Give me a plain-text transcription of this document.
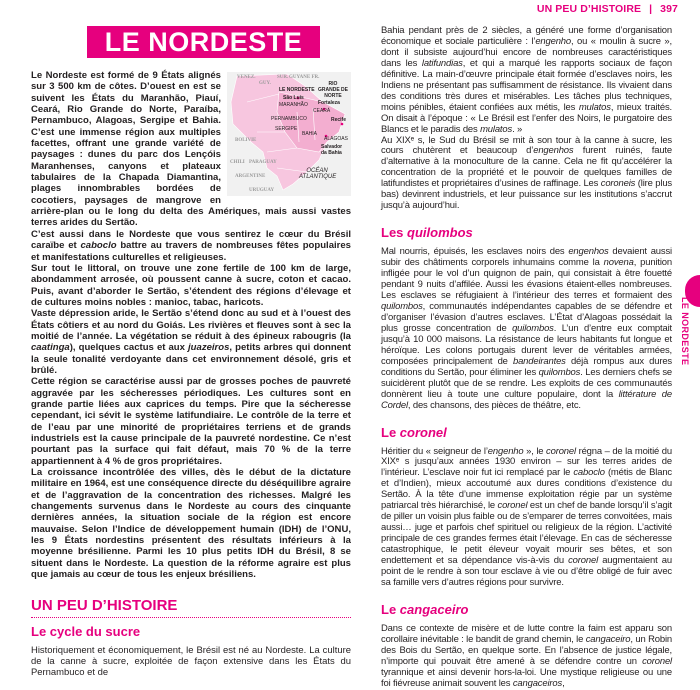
UN PEU D’HISTOIRE | 397
LE NORDESTE
VENEZ.
GUY.
SUR. GUYANE FR.
LE NORDESTE
RIO GRANDE DE NORTE
São Luís
MARANHÃO Fortaleza
CEARÁ
PERNAMBUCO	Recife
SERGIPE
BAHIA
ALAGOAS
Salvador da Bahia
BOLIVIE
CHILI PARAGUAY
ARGENTINE
URUGUAY
OCÉAN ATLANTIQUE

Le Nordeste est formé de 9 États alignés sur 3 500 km de côtes. D’ouest en est se suivent les États du Maranhão, Piauí, Ceará, Rio Grande do Norte, Paraíba, Pernambuco, Alagoas, Sergipe et Bahia. C’est une immense région aux multiples facettes, offrant une grande variété de paysages : dunes du parc dos Lençóis Maranhenses, canyons et plateaux tabulaires de la Chapada Diamantina, plages innombrables bordées de cocotiers, paysages de mangrove en arrière-plan ou le long du delta des Amériques, mais aussi vastes terres arides du Sertão.

C’est aussi dans le Nordeste que vous sentirez le cœur du Brésil caraïbe et caboclo battre au travers de nombreuses fêtes populaires et manifestations culturelles et religieuses.

Sur tout le littoral, on trouve une zone fertile de 100 km de large, abondamment arrosée, où poussent canne à sucre, coton et cacao. Puis, avant d’aborder le Sertão, s’étendent des régions d’élevage et de cultures moins nobles : manioc, tabac, haricots.

Vaste dépression aride, le Sertão s’étend donc au sud et à l’ouest des États côtiers et au nord du Goiás. Les rivières et fleuves sont à sec la moitié de l’année. La végétation se réduit à des épineux rabougris (la caatinga), quelques cactus et aux juazeiros, petits arbres qui donnent la seule tonalité verdoyante dans cet environnement désolé, gris et brûlé.

Cette région se caractérise aussi par de grosses poches de pauvreté aggravée par les sécheresses périodiques. Les cultures sont en grande partie liées aux caprices du temps. Pire que la sécheresse cependant, ici sévit le système latifundiaire. Le contrôle de la terre et de l’eau par une minorité de propriétaires terriens et de grands industriels est la cause principale de la pauvreté nordestine. Ce n’est pourtant pas la surface qui fait défaut, mais 70 % de la terre appartiennent à 4 % de gros propriétaires.

La croissance incontrôlée des villes, dès le début de la dictature militaire en 1964, est une conséquence directe du déséquilibre agraire et de l’aggravation de la concentration des richesses. Malgré les changements survenus dans le Nordeste au cours des cinquante dernières années, la situation sociale de la région est encore mauvaise. Selon l’Indice de développement humain (IDH) de l’ONU, les 9 États nordestins présentent des résultats inférieurs à la moyenne brésilienne. Parmi les 10 plus petits IDH du Brésil, 8 se situent dans le Nordeste. La question de la réforme agraire est plus que jamais au cœur de tous les enjeux brésiliens.

UN PEU D’HISTOIRE
Le cycle du sucre

Historiquement et économiquement, le Brésil est né au Nordeste. La culture de la canne à sucre, exploitée de façon extensive dans les États du Pernambuco et de

Bahia pendant près de 2 siècles, a généré une forme d’organisation économique et sociale particulière : l’engenho, ou « moulin à sucre », dont il subsiste aujourd’hui encore de nombreuses caractéristiques dans les latifundias, et qui a marqué les rapports sociaux de façon définitive. La main-d’œuvre principale était formée d’esclaves noirs, les Indiens ne présentant pas suffisamment de résistance. Ils vivaient dans des conditions très dures et misérables. Les tâches plus techniques, moins pénibles, étaient confiées aux métis, les mulatos, mieux traités. On disait à l’époque : « Le Brésil est l’enfer des Noirs, le purgatoire des Blancs et le paradis des mulatos. »

Au XIXᵉ s, le Sud du Brésil se mit à son tour à la canne à sucre, les cours chutèrent et beaucoup d’engenhos furent ruinés, faute d’alternative à la monoculture de la canne. Cela ne fit qu’accélérer la concentration de la propriété et le pouvoir de quelques familles de latifundistes et propriétaires d’usines de raffinage. Les coroneis (lire plus bas) devinrent industriels, et leur puissance sur les institutions s’accrut jusqu’à aujourd’hui.

Les quilombos

Mal nourris, épuisés, les esclaves noirs des engenhos devaient aussi subir des châtiments corporels inhumains comme la novena, punition infligée pour le vol d’un quignon de pain, qui consistait à être fouetté pendant 9 nuits d’affilée. Aussi les évasions étaient-elles nombreuses. Les esclaves se réfugiaient à l’intérieur des terres et formaient des quilombos, communautés indépendantes capables de se défendre et d’organiser l’évasion d’autres esclaves. L’État d’Alagoas possédait la plus grosse concentration de quilombos. L’un d’entre eux comptait jusqu’à 10 000 maisons. La résistance de leurs habitants fut longue et héroïque. Les colons portugais durent lever de véritables armées, composées principalement de bandeirantes déjà rompus aux dures conditions du Sertão, pour éliminer les quilombos. Les derniers chefs se suicidèrent plutôt que de se rendre. Les exploits de ces communautés donnèrent lieu à toute une culture populaire, dont la littérature de Cordel, des chansons, des pièces de théâtre, etc.

Le coronel

Héritier du « seigneur de l’engenho », le coronel régna – de la moitié du XIXᵉ s jusqu’aux années 1930 environ – sur les terres arides de l’intérieur. L’esclave noir fut ici remplacé par le caboclo (métis de Blanc et d’Indien), mieux accoutumé aux dures conditions d’existence du Sertão. À la tête d’une immense exploitation régie par un système patriarcal très hiérarchisé, le coronel est un chef de bande lorsqu’il s’agit de piller un voisin plus faible ou de s’emparer de terres convoitées, mais aussi… juge et parfois chef spirituel ou religieux de la région. L’activité principale de ces grandes fermes était l’élevage. En cas de sécheresse catastrophique, le petit éleveur voyait mourir ses bêtes, et son endettement et sa dépendance vis-à-vis du coronel augmentaient au point de le rendre à son tour esclave à vie ou d’être obligé de fuir avec sa famille vers d’autres régions pour survivre.

Le cangaceiro

Dans ce contexte de misère et de lutte contre la faim est apparu son corollaire inévitable : le bandit de grand chemin, le cangaceiro, un Robin des Bois du Sertão, en quelque sorte. En l’absence de justice légale, n’importe qui pouvait être amené à se défendre contre un coronel tyrannique et ainsi devenir hors-la-loi. Une mystique religieuse ou une foi fiévreuse animait souvent les cangaceiros,

LE NORDESTE
